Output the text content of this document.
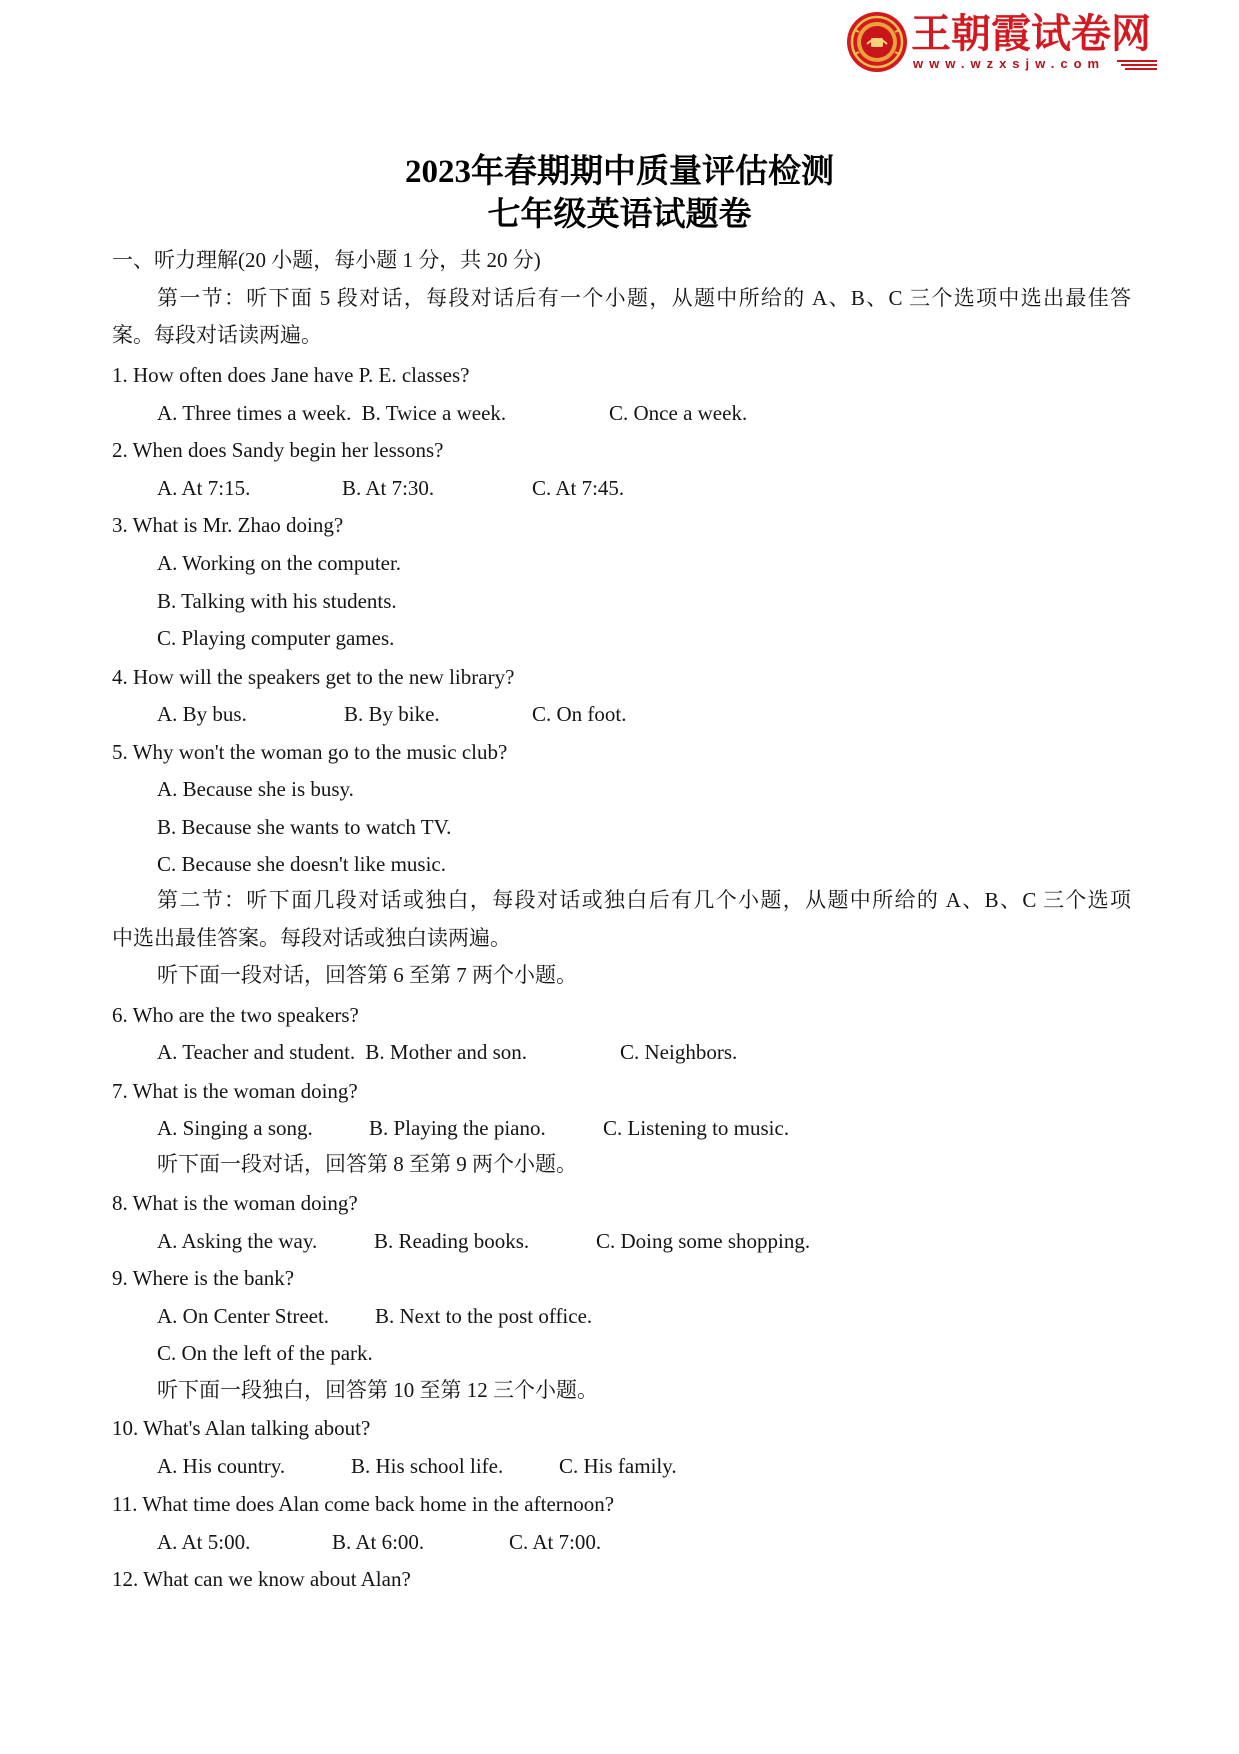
王朝霞试卷网
www.wzxsjw.com
2023年春期期中质量评估检测
七年级英语试题卷
一、听力理解(20 小题，每小题 1 分，共 20 分)
第一节：听下面 5 段对话，每段对话后有一个小题，从题中所给的 A、B、C 三个选项中选出最佳答
案。每段对话读两遍。
1. How often does Jane have P. E. classes?
A. Three times a week. B. Twice a week.	C. Once a week.
2. When does Sandy begin her lessons?
A. At 7:15.	B. At 7:30.	C. At 7:45.
3. What is Mr. Zhao doing?
A. Working on the computer.
B. Talking with his students.
C. Playing computer games.
4. How will the speakers get to the new library?
A. By bus.	B. By bike.	C. On foot.
5. Why won't the woman go to the music club?
A. Because she is busy.
B. Because she wants to watch TV.
C. Because she doesn't like music.
第二节：听下面几段对话或独白，每段对话或独白后有几个小题，从题中所给的 A、B、C 三个选项
中选出最佳答案。每段对话或独白读两遍。
听下面一段对话，回答第 6 至第 7 两个小题。
6. Who are the two speakers?
A. Teacher and student. B. Mother and son.	C. Neighbors.
7. What is the woman doing?
A. Singing a song.	B. Playing the piano.	C. Listening to music.
听下面一段对话，回答第 8 至第 9 两个小题。
8. What is the woman doing?
A. Asking the way.	B. Reading books.	C. Doing some shopping.
9. Where is the bank?
A. On Center Street. B. Next to the post office.
C. On the left of the park.
听下面一段独白，回答第 10 至第 12 三个小题。
10. What's Alan talking about?
A. His country.	B. His school life.	C. His family.
11. What time does Alan come back home in the afternoon?
A. At 5:00.	B. At 6:00.	C. At 7:00.
12. What can we know about Alan?
